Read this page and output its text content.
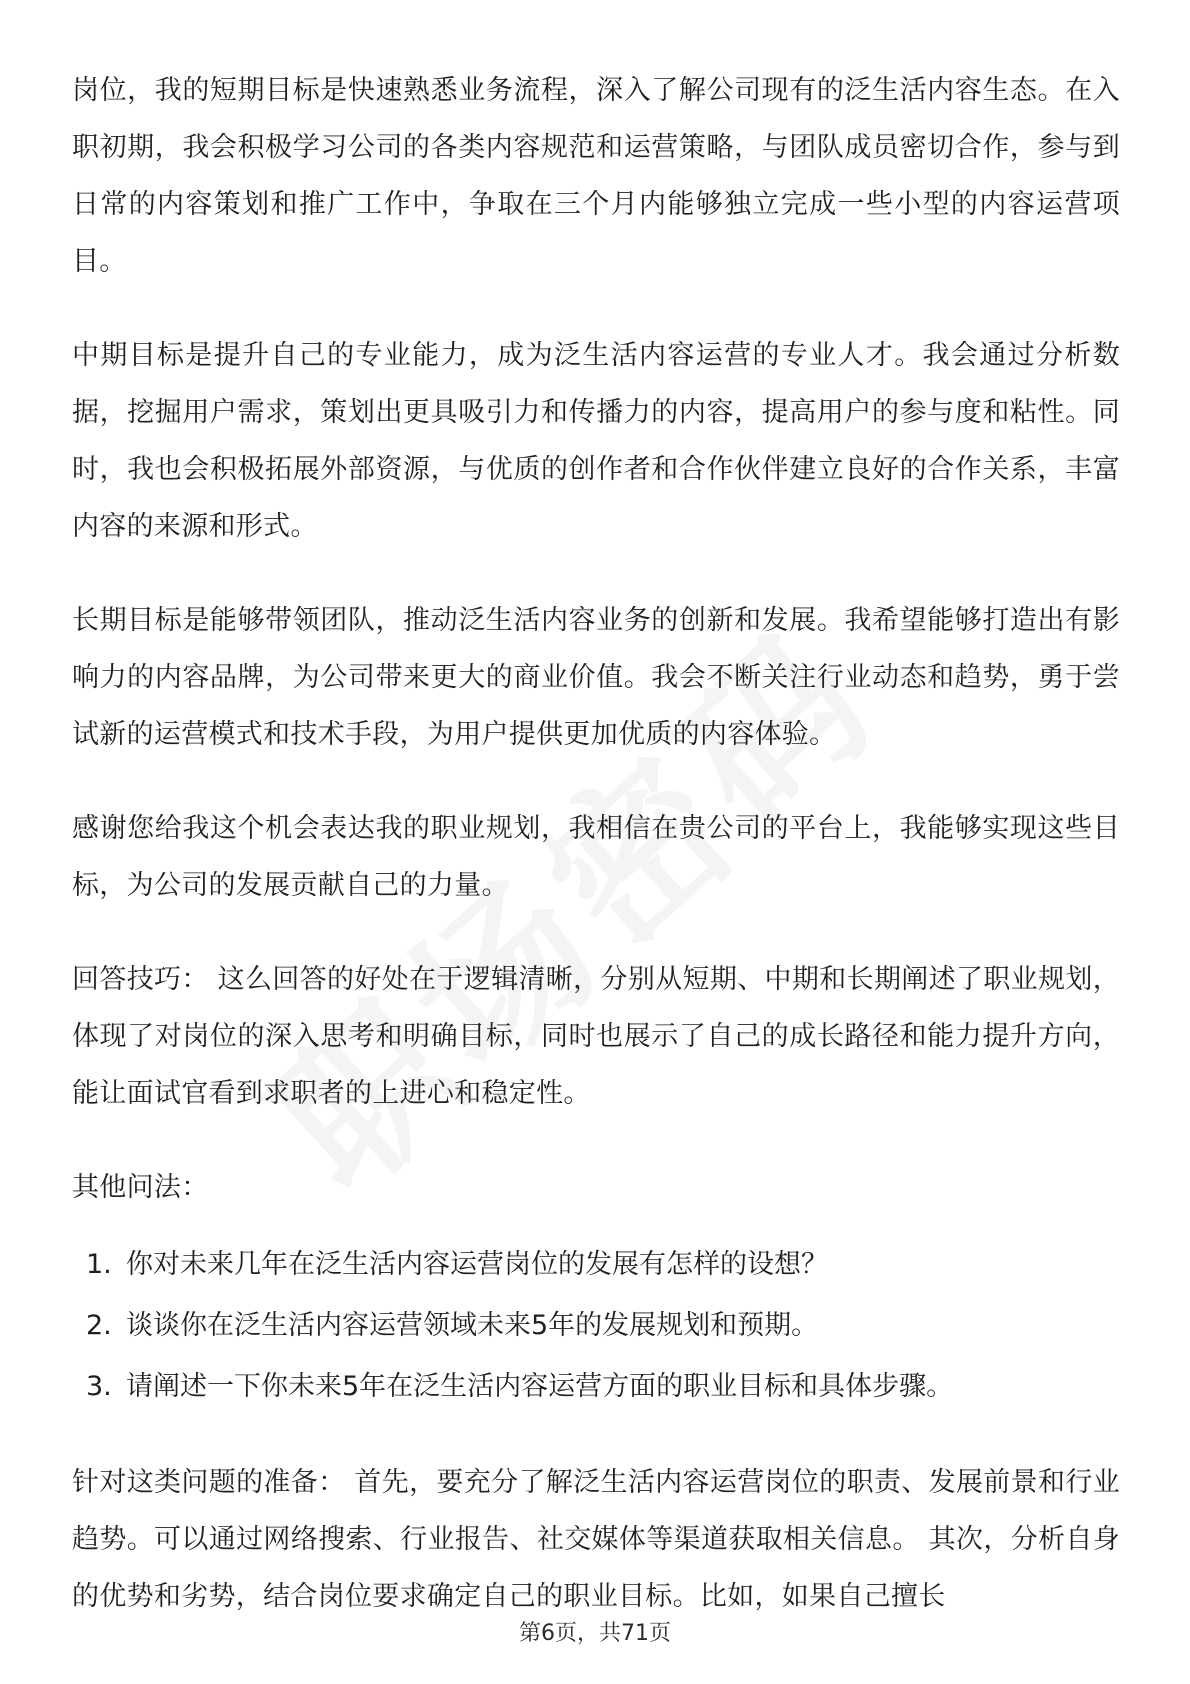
岗位，我的短期目标是快速熟悉业务流程，深入了解公司现有的泛生活内容生态。在入职初期，我会积极学习公司的各类内容规范和运营策略，与团队成员密切合作，参与到日常的内容策划和推广工作中，争取在三个月内能够独立完成一些小型的内容运营项目。

中期目标是提升自己的专业能力，成为泛生活内容运营的专业人才。我会通过分析数据，挖掘用户需求，策划出更具吸引力和传播力的内容，提高用户的参与度和粘性。同时，我也会积极拓展外部资源，与优质的创作者和合作伙伴建立良好的合作关系，丰富内容的来源和形式。

长期目标是能够带领团队，推动泛生活内容业务的创新和发展。我希望能够打造出有影响力的内容品牌，为公司带来更大的商业价值。我会不断关注行业动态和趋势，勇于尝试新的运营模式和技术手段，为用户提供更加优质的内容体验。

感谢您给我这个机会表达我的职业规划，我相信在贵公司的平台上，我能够实现这些目标，为公司的发展贡献自己的力量。

回答技巧： 这么回答的好处在于逻辑清晰，分别从短期、中期和长期阐述了职业规划，体现了对岗位的深入思考和明确目标，同时也展示了自己的成长路径和能力提升方向，能让面试官看到求职者的上进心和稳定性。

其他问法：

1. 你对未来几年在泛生活内容运营岗位的发展有怎样的设想？
2. 谈谈你在泛生活内容运营领域未来5年的发展规划和预期。
3. 请阐述一下你未来5年在泛生活内容运营方面的职业目标和具体步骤。

针对这类问题的准备： 首先，要充分了解泛生活内容运营岗位的职责、发展前景和行业趋势。可以通过网络搜索、行业报告、社交媒体等渠道获取相关信息。 其次，分析自身的优势和劣势，结合岗位要求确定自己的职业目标。比如，如果自己擅长

第6页，共71页
